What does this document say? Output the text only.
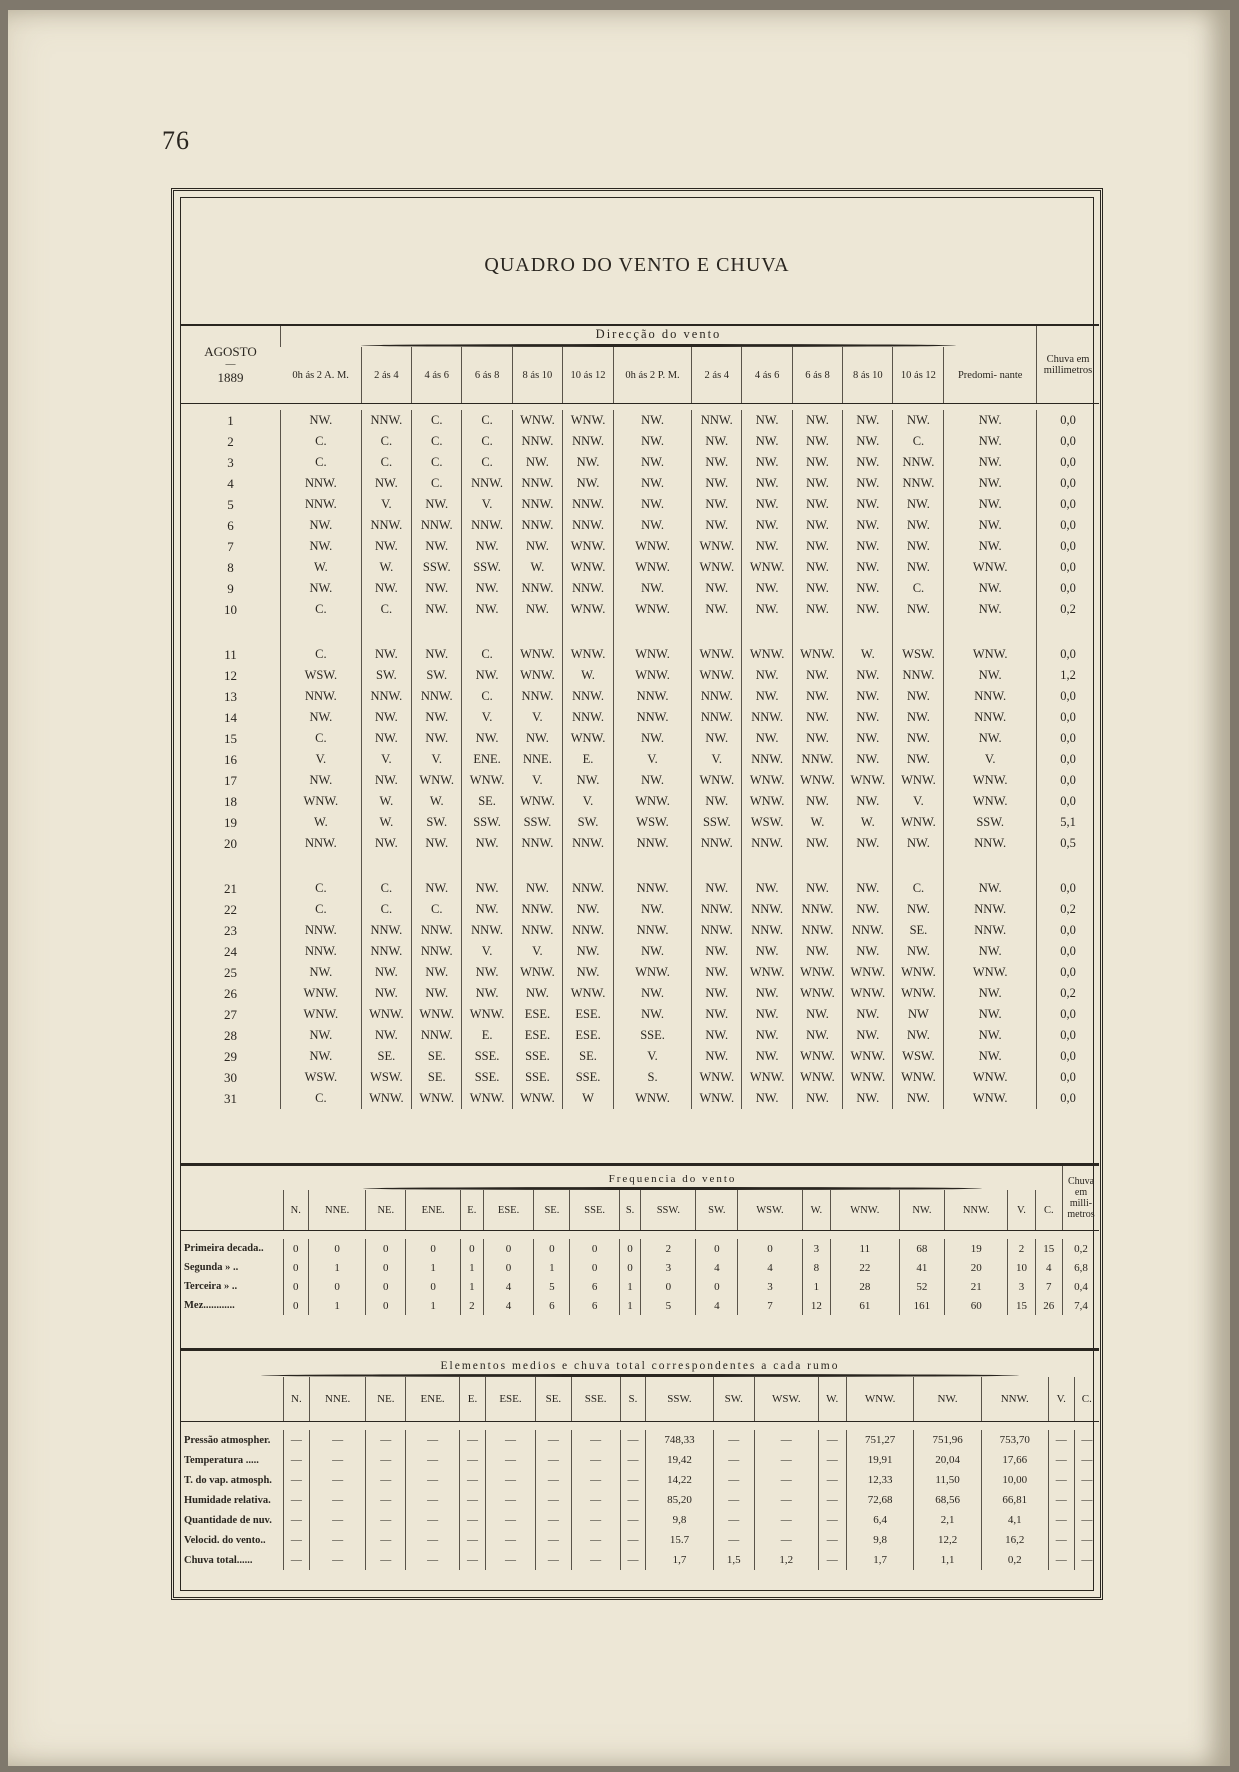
76
QUADRO DO VENTO E CHUVA
AGOSTO
—
1889	Direcção do vento													Chuva em millimetros
	0h ás 2 A. M.	2 ás 4	4 ás 6	6 ás 8	8 ás 10	10 ás 12	0h ás 2 P. M.	2 ás 4	4 ás 6	6 ás 8	8 ás 10	10 ás 12	Predomi- nante	

1	NW.	NNW.	C.	C.	WNW.	WNW.	NW.	NNW.	NW.	NW.	NW.	NW.	NW.	0,0
2	C.	C.	C.	C.	NNW.	NNW.	NW.	NW.	NW.	NW.	NW.	C.	NW.	0,0
3	C.	C.	C.	C.	NW.	NW.	NW.	NW.	NW.	NW.	NW.	NNW.	NW.	0,0
4	NNW.	NW.	C.	NNW.	NNW.	NW.	NW.	NW.	NW.	NW.	NW.	NNW.	NW.	0,0
5	NNW.	V.	NW.	V.	NNW.	NNW.	NW.	NW.	NW.	NW.	NW.	NW.	NW.	0,0
6	NW.	NNW.	NNW.	NNW.	NNW.	NNW.	NW.	NW.	NW.	NW.	NW.	NW.	NW.	0,0
7	NW.	NW.	NW.	NW.	NW.	WNW.	WNW.	WNW.	NW.	NW.	NW.	NW.	NW.	0,0
8	W.	W.	SSW.	SSW.	W.	WNW.	WNW.	WNW.	WNW.	NW.	NW.	NW.	WNW.	0,0
9	NW.	NW.	NW.	NW.	NNW.	NNW.	NW.	NW.	NW.	NW.	NW.	C.	NW.	0,0
10	C.	C.	NW.	NW.	NW.	WNW.	WNW.	NW.	NW.	NW.	NW.	NW.	NW.	0,2

11	C.	NW.	NW.	C.	WNW.	WNW.	WNW.	WNW.	WNW.	WNW.	W.	WSW.	WNW.	0,0
12	WSW.	SW.	SW.	NW.	WNW.	W.	WNW.	WNW.	NW.	NW.	NW.	NNW.	NW.	1,2
13	NNW.	NNW.	NNW.	C.	NNW.	NNW.	NNW.	NNW.	NW.	NW.	NW.	NW.	NNW.	0,0
14	NW.	NW.	NW.	V.	V.	NNW.	NNW.	NNW.	NNW.	NW.	NW.	NW.	NNW.	0,0
15	C.	NW.	NW.	NW.	NW.	WNW.	NW.	NW.	NW.	NW.	NW.	NW.	NW.	0,0
16	V.	V.	V.	ENE.	NNE.	E.	V.	V.	NNW.	NNW.	NW.	NW.	V.	0,0
17	NW.	NW.	WNW.	WNW.	V.	NW.	NW.	WNW.	WNW.	WNW.	WNW.	WNW.	WNW.	0,0
18	WNW.	W.	W.	SE.	WNW.	V.	WNW.	NW.	WNW.	NW.	NW.	V.	WNW.	0,0
19	W.	W.	SW.	SSW.	SSW.	SW.	WSW.	SSW.	WSW.	W.	W.	WNW.	SSW.	5,1
20	NNW.	NW.	NW.	NW.	NNW.	NNW.	NNW.	NNW.	NNW.	NW.	NW.	NW.	NNW.	0,5

21	C.	C.	NW.	NW.	NW.	NNW.	NNW.	NW.	NW.	NW.	NW.	C.	NW.	0,0
22	C.	C.	C.	NW.	NNW.	NW.	NW.	NNW.	NNW.	NNW.	NW.	NW.	NNW.	0,2
23	NNW.	NNW.	NNW.	NNW.	NNW.	NNW.	NNW.	NNW.	NNW.	NNW.	NNW.	SE.	NNW.	0,0
24	NNW.	NNW.	NNW.	V.	V.	NW.	NW.	NW.	NW.	NW.	NW.	NW.	NW.	0,0
25	NW.	NW.	NW.	NW.	WNW.	NW.	WNW.	NW.	WNW.	WNW.	WNW.	WNW.	WNW.	0,0
26	WNW.	NW.	NW.	NW.	NW.	WNW.	NW.	NW.	NW.	WNW.	WNW.	WNW.	NW.	0,2
27	WNW.	WNW.	WNW.	WNW.	ESE.	ESE.	NW.	NW.	NW.	NW.	NW.	NW	NW.	0,0
28	NW.	NW.	NNW.	E.	ESE.	ESE.	SSE.	NW.	NW.	NW.	NW.	NW.	NW.	0,0
29	NW.	SE.	SE.	SSE.	SSE.	SE.	V.	NW.	NW.	WNW.	WNW.	WSW.	NW.	0,0
30	WSW.	WSW.	SE.	SSE.	SSE.	SSE.	S.	WNW.	WNW.	WNW.	WNW.	WNW.	WNW.	0,0
31	C.	WNW.	WNW.	WNW.	WNW.	W	WNW.	WNW.	NW.	NW.	NW.	NW.	WNW.	0,0
	Frequencia do vento																		Chuva em milli- metros
	N.	NNE.	NE.	ENE.	E.	ESE.	SE.	SSE.	S.	SSW.	SW.	WSW.	W.	WNW.	NW.	NNW.	V.	C.	

Primeira decada..	0	0	0	0	0	0	0	0	0	2	0	0	3	11	68	19	2	15	0,2
Segunda » ..	0	1	0	1	1	0	1	0	0	3	4	4	8	22	41	20	10	4	6,8
Terceira » ..	0	0	0	0	1	4	5	6	1	0	0	3	1	28	52	21	3	7	0,4
Mez............	0	1	0	1	2	4	6	6	1	5	4	7	12	61	161	60	15	26	7,4
Elementos medios e chuva total correspondentes a cada rumo																		

	N.	NNE.	NE.	ENE.	E.	ESE.	SE.	SSE.	S.	SSW.	SW.	WSW.	W.	WNW.	NW.	NNW.	V.	C.

Pressão atmospher.	—	—	—	—	—	—	—	—	—	748,33	—	—	—	751,27	751,96	753,70	—	—
Temperatura .....	—	—	—	—	—	—	—	—	—	19,42	—	—	—	19,91	20,04	17,66	—	—
T. do vap. atmosph.	—	—	—	—	—	—	—	—	—	14,22	—	—	—	12,33	11,50	10,00	—	—
Humidade relativa.	—	—	—	—	—	—	—	—	—	85,20	—	—	—	72,68	68,56	66,81	—	—
Quantidade de nuv.	—	—	—	—	—	—	—	—	—	9,8	—	—	—	6,4	2,1	4,1	—	—
Velocid. do vento..	—	—	—	—	—	—	—	—	—	15.7	—	—	—	9,8	12,2	16,2	—	—
Chuva total......	—	—	—	—	—	—	—	—	—	1,7	1,5	1,2	—	1,7	1,1	0,2	—	—
